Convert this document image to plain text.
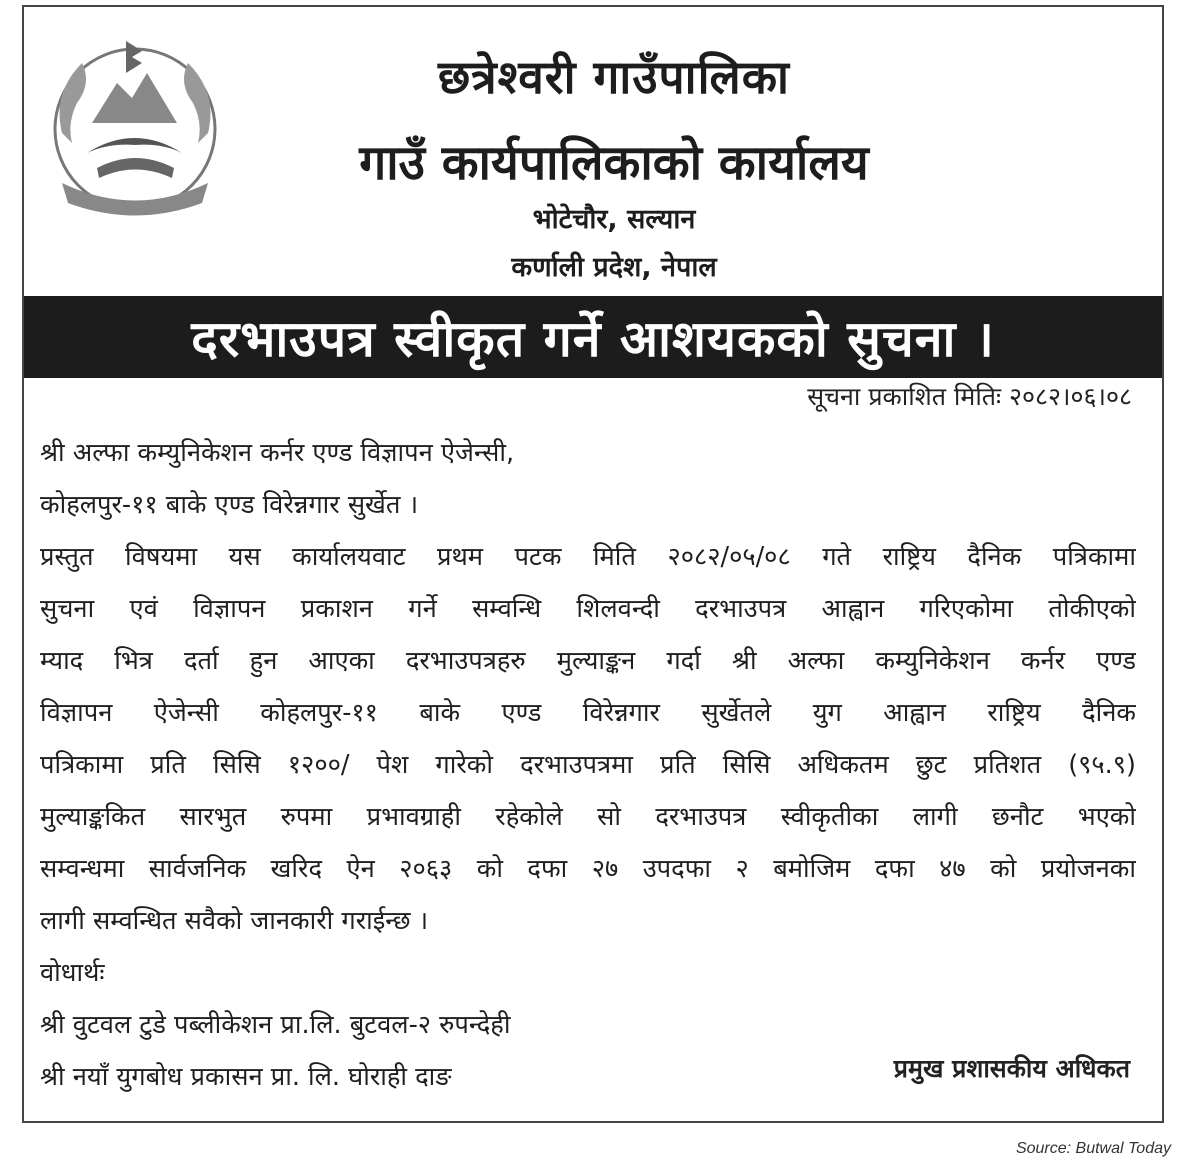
छत्रेश्वरी गाउँपालिका
गाउँ कार्यपालिकाको कार्यालय
भोटेचौर, सल्यान
कर्णाली प्रदेश, नेपाल
दरभाउपत्र स्वीकृत गर्ने आशयकको सुचना ।
सूचना प्रकाशित मितिः २०८२।०६।०८
श्री अल्फा कम्युनिकेशन कर्नर एण्ड विज्ञापन ऐजेन्सी,
कोहलपुर-११ बाके एण्ड विरेन्नगार सुर्खेत ।
प्रस्तुत विषयमा यस कार्यालयवाट प्रथम पटक मिति २०८२/०५/०८ गते राष्ट्रिय दैनिक पत्रिकामा
सुचना एवं विज्ञापन प्रकाशन गर्ने सम्वन्धि शिलवन्दी दरभाउपत्र आह्वान गरिएकोमा तोकीएको
म्याद भित्र दर्ता हुन आएका दरभाउपत्रहरु मुल्याङ्कन गर्दा श्री अल्फा कम्युनिकेशन कर्नर एण्ड
विज्ञापन ऐजेन्सी कोहलपुर-११ बाके एण्ड विरेन्नगार सुर्खेतले युग आह्वान राष्ट्रिय दैनिक
पत्रिकामा प्रति सिसि १२००/ पेश गारेको दरभाउपत्रमा प्रति सिसि अधिकतम छुट प्रतिशत (९५.९)
मुल्याङ्ककित सारभुत रुपमा प्रभावग्राही रहेकोले सो दरभाउपत्र स्वीकृतीका लागी छनौट भएको
सम्वन्धमा सार्वजनिक खरिद ऐन २०६३ को दफा २७ उपदफा २ बमोजिम दफा ४७ को प्रयोजनका
लागी सम्वन्धित सवैको जानकारी गराईन्छ ।
वोधार्थः
श्री वुटवल टुडे पब्लीकेशन प्रा.लि. बुटवल-२ रुपन्देही
श्री नयाँ युगबोध प्रकासन प्रा. लि. घोराही दाङ	प्रमुख प्रशासकीय अधिकत
Source: Butwal Today
